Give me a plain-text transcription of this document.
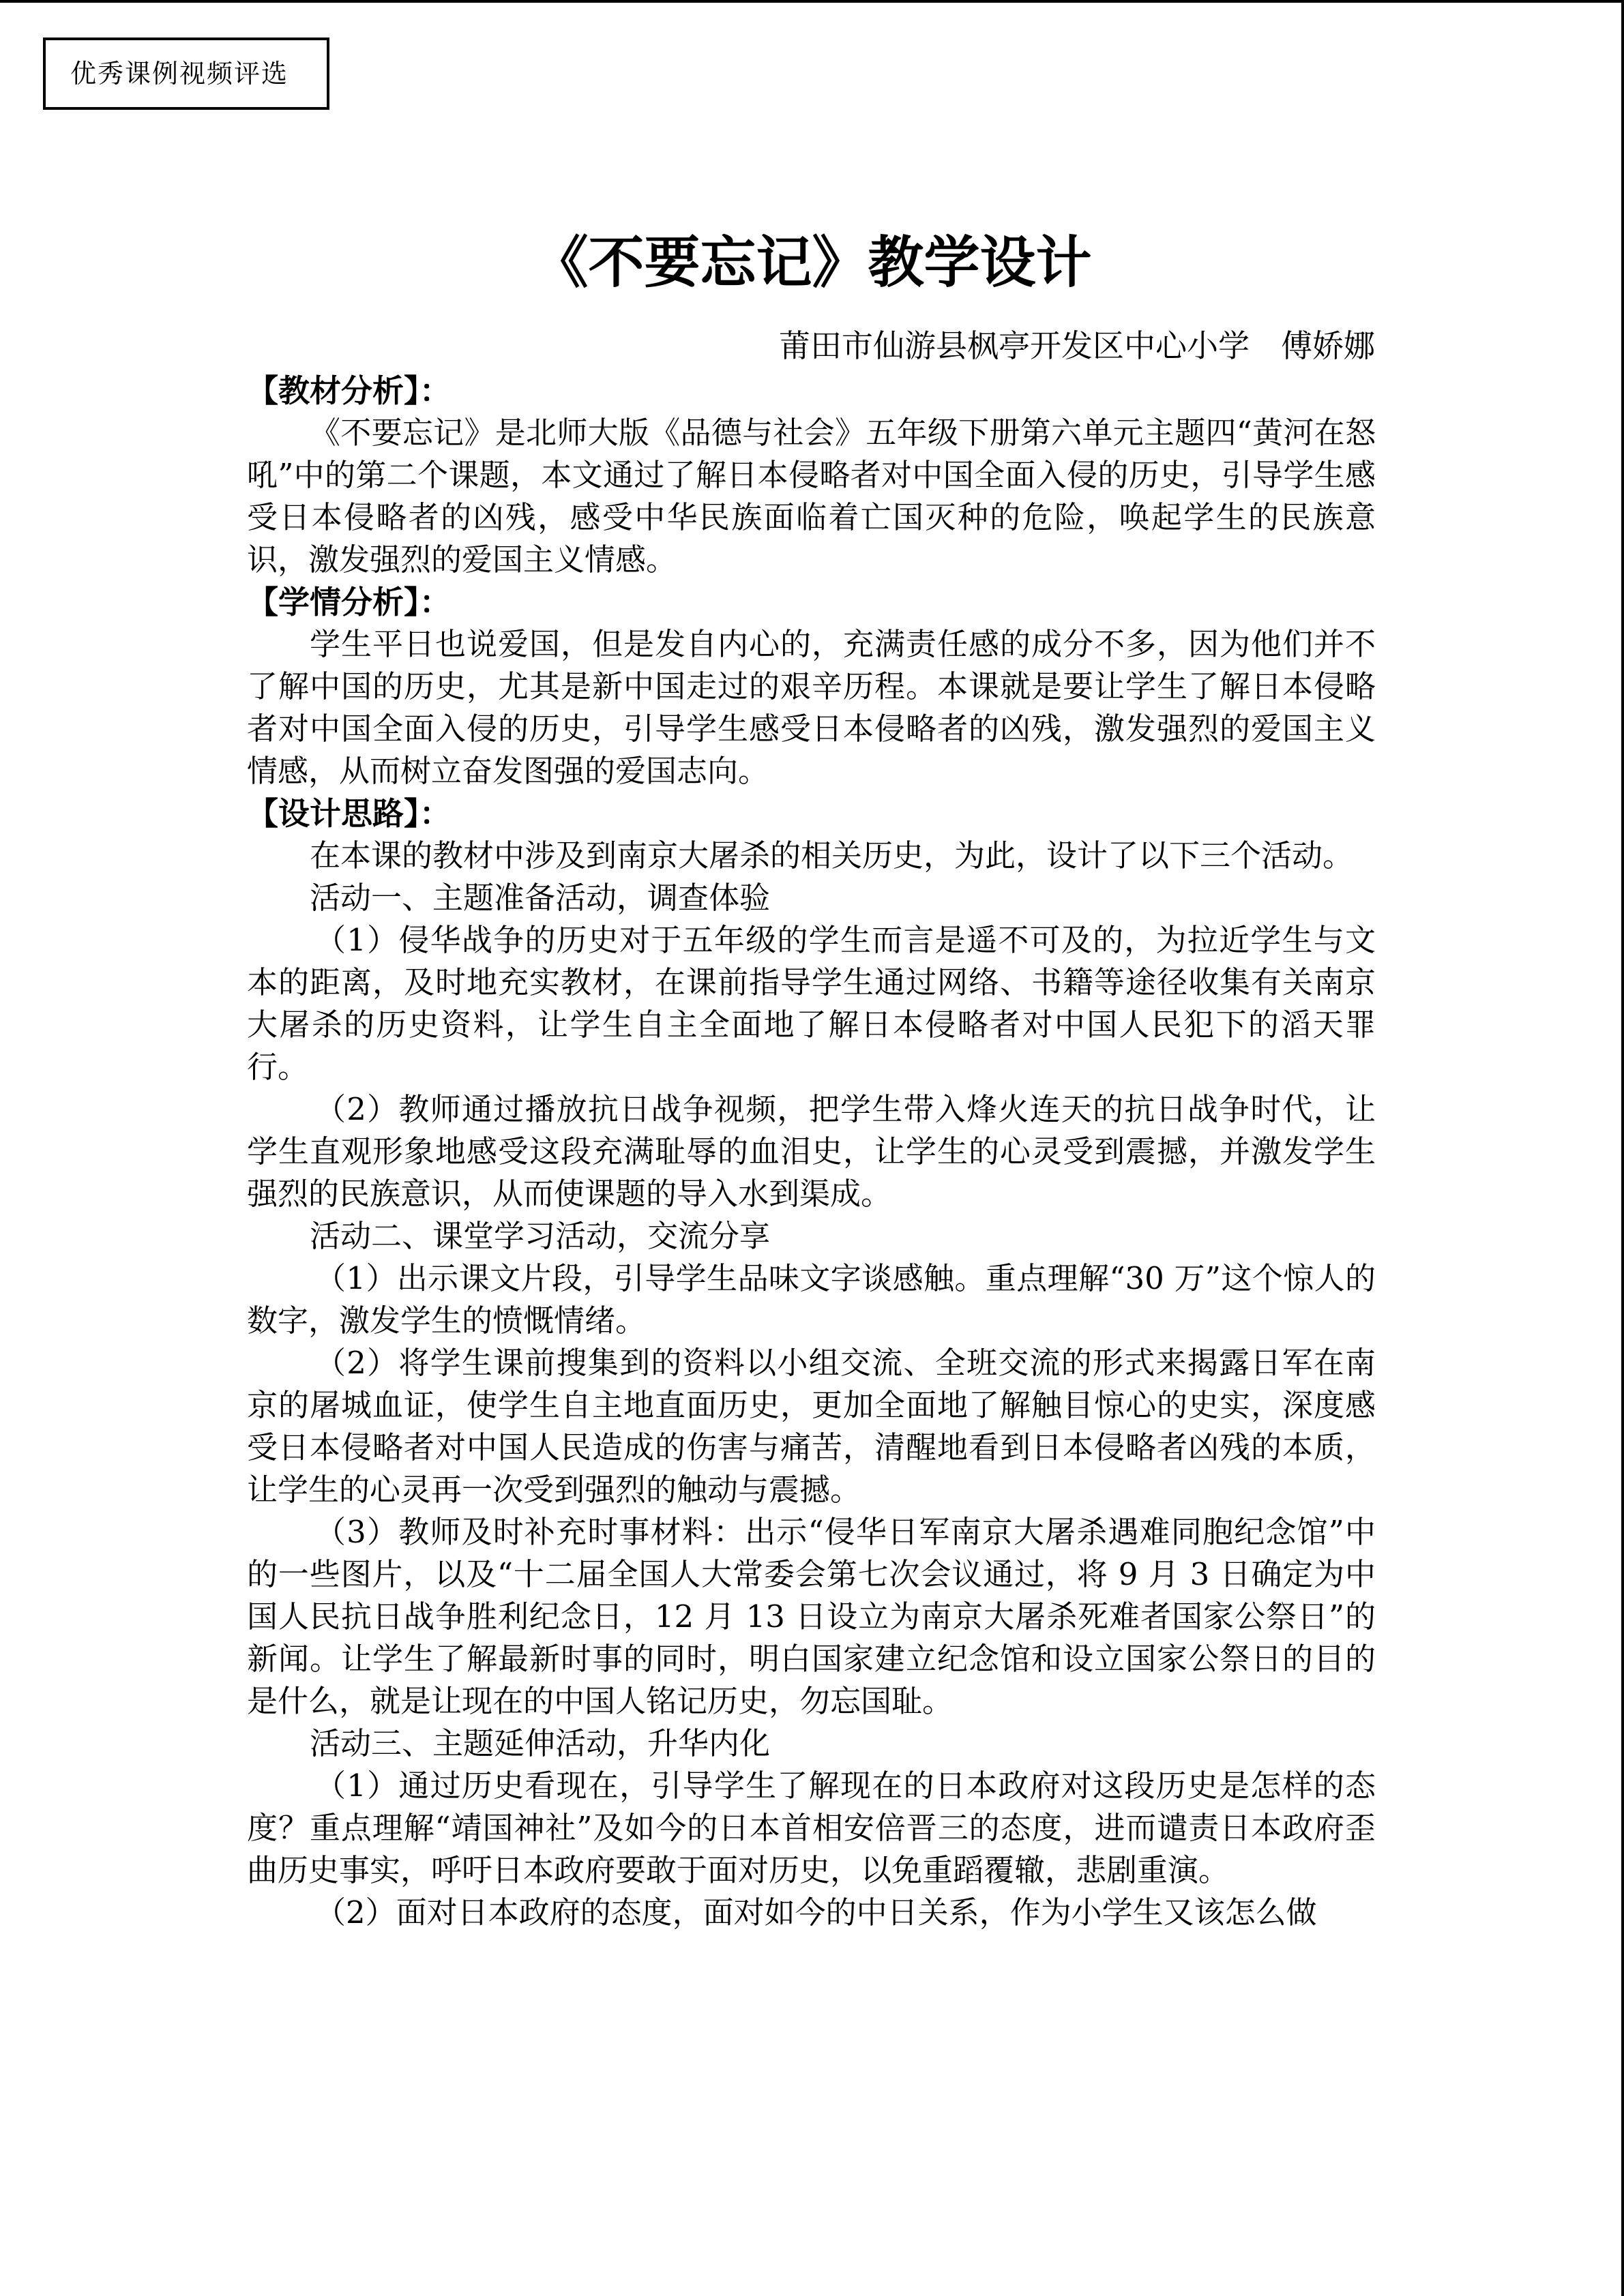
优秀课例视频评选
《不要忘记》教学设计
莆田市仙游县枫亭开发区中心小学　傅娇娜

【教材分析】：

《不要忘记》是北师大版《品德与社会》五年级下册第六单元主题四“黄河在怒吼”中的第二个课题，本文通过了解日本侵略者对中国全面入侵的历史，引导学生感受日本侵略者的凶残，感受中华民族面临着亡国灭种的危险，唤起学生的民族意识，激发强烈的爱国主义情感。

【学情分析】：

学生平日也说爱国，但是发自内心的，充满责任感的成分不多，因为他们并不了解中国的历史，尤其是新中国走过的艰辛历程。本课就是要让学生了解日本侵略者对中国全面入侵的历史，引导学生感受日本侵略者的凶残，激发强烈的爱国主义情感，从而树立奋发图强的爱国志向。

【设计思路】：

在本课的教材中涉及到南京大屠杀的相关历史，为此，设计了以下三个活动。

活动一、主题准备活动，调查体验

（1）侵华战争的历史对于五年级的学生而言是遥不可及的，为拉近学生与文本的距离，及时地充实教材，在课前指导学生通过网络、书籍等途径收集有关南京大屠杀的历史资料，让学生自主全面地了解日本侵略者对中国人民犯下的滔天罪行。

（2）教师通过播放抗日战争视频，把学生带入烽火连天的抗日战争时代，让学生直观形象地感受这段充满耻辱的血泪史，让学生的心灵受到震撼，并激发学生强烈的民族意识，从而使课题的导入水到渠成。

活动二、课堂学习活动，交流分享

（1）出示课文片段，引导学生品味文字谈感触。重点理解“30 万”这个惊人的数字，激发学生的愤慨情绪。

（2）将学生课前搜集到的资料以小组交流、全班交流的形式来揭露日军在南京的屠城血证，使学生自主地直面历史，更加全面地了解触目惊心的史实，深度感受日本侵略者对中国人民造成的伤害与痛苦，清醒地看到日本侵略者凶残的本质，让学生的心灵再一次受到强烈的触动与震撼。

（3）教师及时补充时事材料：出示“侵华日军南京大屠杀遇难同胞纪念馆”中的一些图片，以及“十二届全国人大常委会第七次会议通过，将 9 月 3 日确定为中国人民抗日战争胜利纪念日，12 月 13 日设立为南京大屠杀死难者国家公祭日”的新闻。让学生了解最新时事的同时，明白国家建立纪念馆和设立国家公祭日的目的是什么，就是让现在的中国人铭记历史，勿忘国耻。

活动三、主题延伸活动，升华内化

（1）通过历史看现在，引导学生了解现在的日本政府对这段历史是怎样的态度？重点理解“靖国神社”及如今的日本首相安倍晋三的态度，进而谴责日本政府歪曲历史事实，呼吁日本政府要敢于面对历史，以免重蹈覆辙，悲剧重演。

（2）面对日本政府的态度，面对如今的中日关系，作为小学生又该怎么做
